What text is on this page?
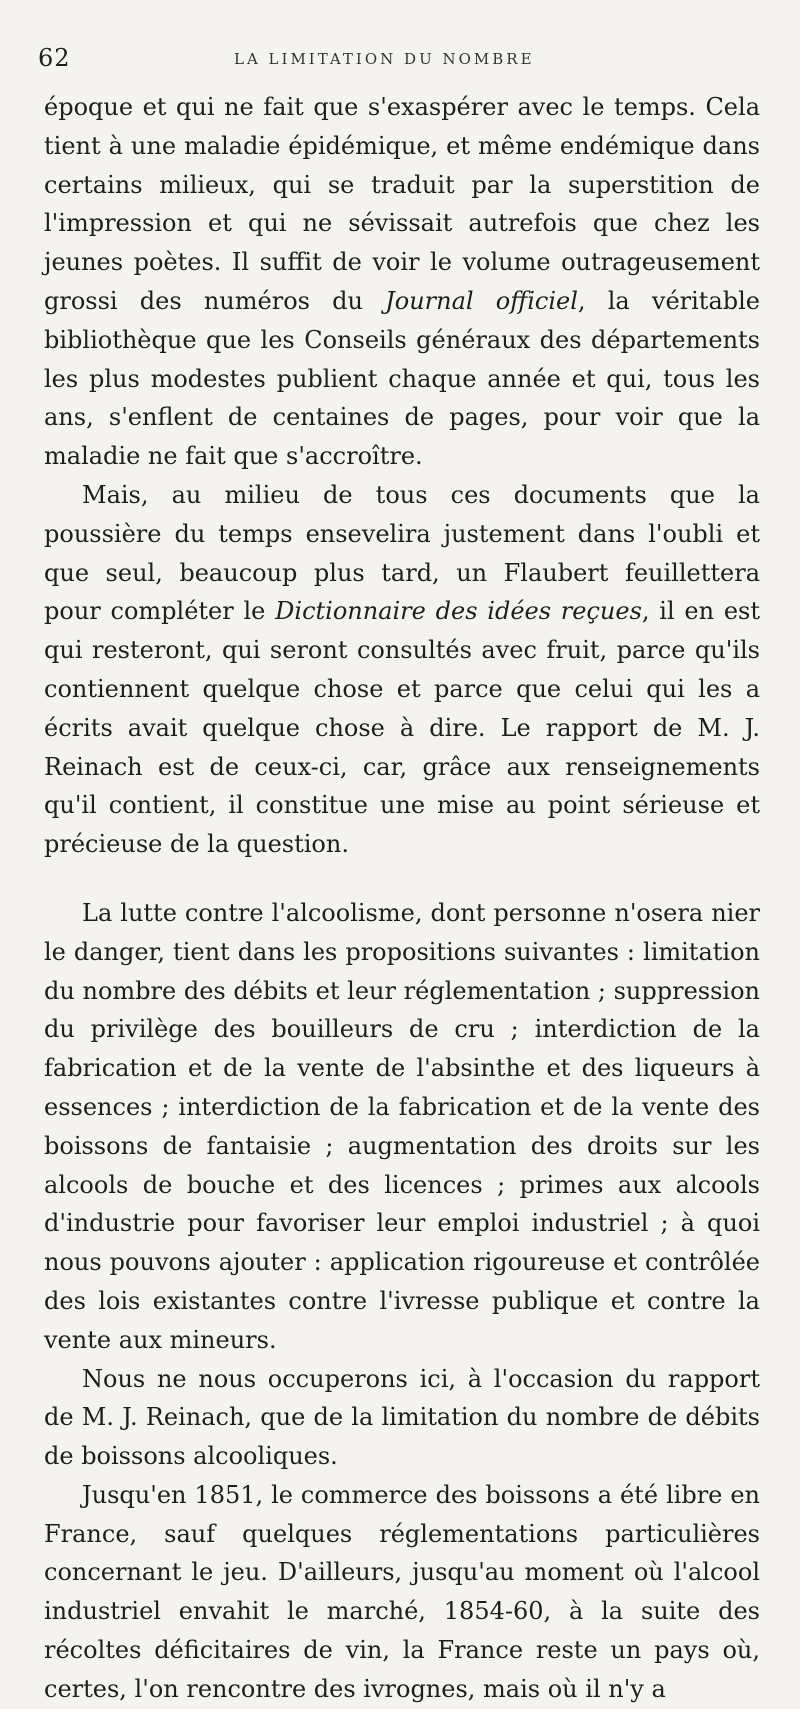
62	LA LIMITATION DU NOMBRE

époque et qui ne fait que s'exaspérer avec le temps. Cela tient à une maladie épidémique, et même endémique dans certains milieux, qui se traduit par la superstition de l'impression et qui ne sévissait autrefois que chez les jeunes poètes. Il suffit de voir le volume outrageusement grossi des numéros du Journal officiel, la véritable bibliothèque que les Conseils généraux des départements les plus modestes publient chaque année et qui, tous les ans, s'enflent de centaines de pages, pour voir que la maladie ne fait que s'accroître.

Mais, au milieu de tous ces documents que la poussière du temps ensevelira justement dans l'oubli et que seul, beaucoup plus tard, un Flaubert feuillettera pour compléter le Dictionnaire des idées reçues, il en est qui resteront, qui seront consultés avec fruit, parce qu'ils contiennent quelque chose et parce que celui qui les a écrits avait quelque chose à dire. Le rapport de M. J. Reinach est de ceux-ci, car, grâce aux renseignements qu'il contient, il constitue une mise au point sérieuse et précieuse de la question.

La lutte contre l'alcoolisme, dont personne n'osera nier le danger, tient dans les propositions suivantes : limitation du nombre des débits et leur réglementation ; suppression du privilège des bouilleurs de cru ; interdiction de la fabrication et de la vente de l'absinthe et des liqueurs à essences ; interdiction de la fabrication et de la vente des boissons de fantaisie ; augmentation des droits sur les alcools de bouche et des licences ; primes aux alcools d'industrie pour favoriser leur emploi industriel ; à quoi nous pouvons ajouter : application rigoureuse et contrôlée des lois existantes contre l'ivresse publique et contre la vente aux mineurs.

Nous ne nous occuperons ici, à l'occasion du rapport de M. J. Reinach, que de la limitation du nombre de débits de boissons alcooliques.

Jusqu'en 1851, le commerce des boissons a été libre en France, sauf quelques réglementations particulières concernant le jeu. D'ailleurs, jusqu'au moment où l'alcool industriel envahit le marché, 1854-60, à la suite des récoltes déficitaires de vin, la France reste un pays où, certes, l'on rencontre des ivrognes, mais où il n'y a
